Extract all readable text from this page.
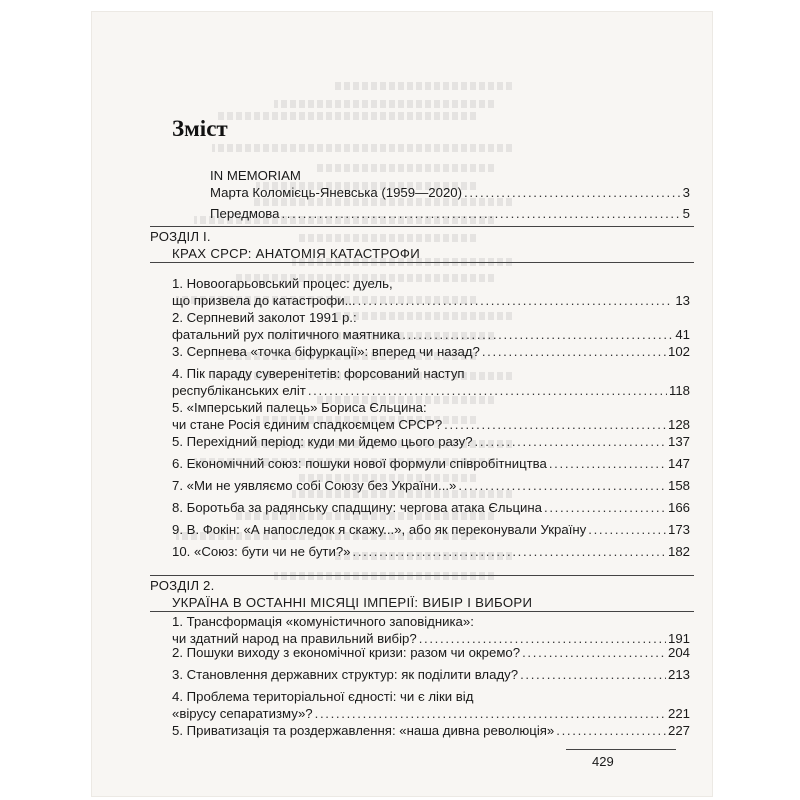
Зміст
IN MEMORIAM
Марта Коломієць-Яневська (1959—2020) . . .	3
Передмова . . .	5
РОЗДІЛ I.
КРАХ СРСР: АНАТОМІЯ КАТАСТРОФИ
1. Новоогарьовський процес: дуель,
що призвела до катастрофи... . . .	13
2. Серпневий заколот 1991 р.:
фатальний рух політичного маятника . . .	41
3. Серпнева «точка біфуркації»: вперед чи назад? . . .	102
4. Пік параду суверенітетів: форсований наступ
республіканських еліт . . .	118
5. «Імперський палець» Бориса Єльцина:
чи стане Росія єдиним спадкоємцем СРСР? . . .	128
5. Перехідний період: куди ми йдемо цього разу? . . .	137
6. Економічний союз: пошуки нової формули співробітництва . . .	147
7. «Ми не уявляємо собі Союзу без України...» . . .	158
8. Боротьба за радянську спадщину: чергова атака Єльцина . . .	166
9. В. Фокін: «А напоследок я скажу...», або як переконували Україну . . .	173
10. «Союз: бути чи не бути?» . . .	182
РОЗДІЛ 2.
УКРАЇНА В ОСТАННІ МІСЯЦІ ІМПЕРІЇ: ВИБІР І ВИБОРИ
1. Трансформація «комуністичного заповідника»:
чи здатний народ на правильний вибір? . . .	191
2. Пошуки виходу з економічної кризи: разом чи окремо? . . .	204
3. Становлення державних структур: як поділити владу? . . .	213
4. Проблема територіальної єдності: чи є ліки від
«вірусу сепаратизму»? . . .	221
5. Приватизація та роздержавлення: «наша дивна революція» . . .	227
429
